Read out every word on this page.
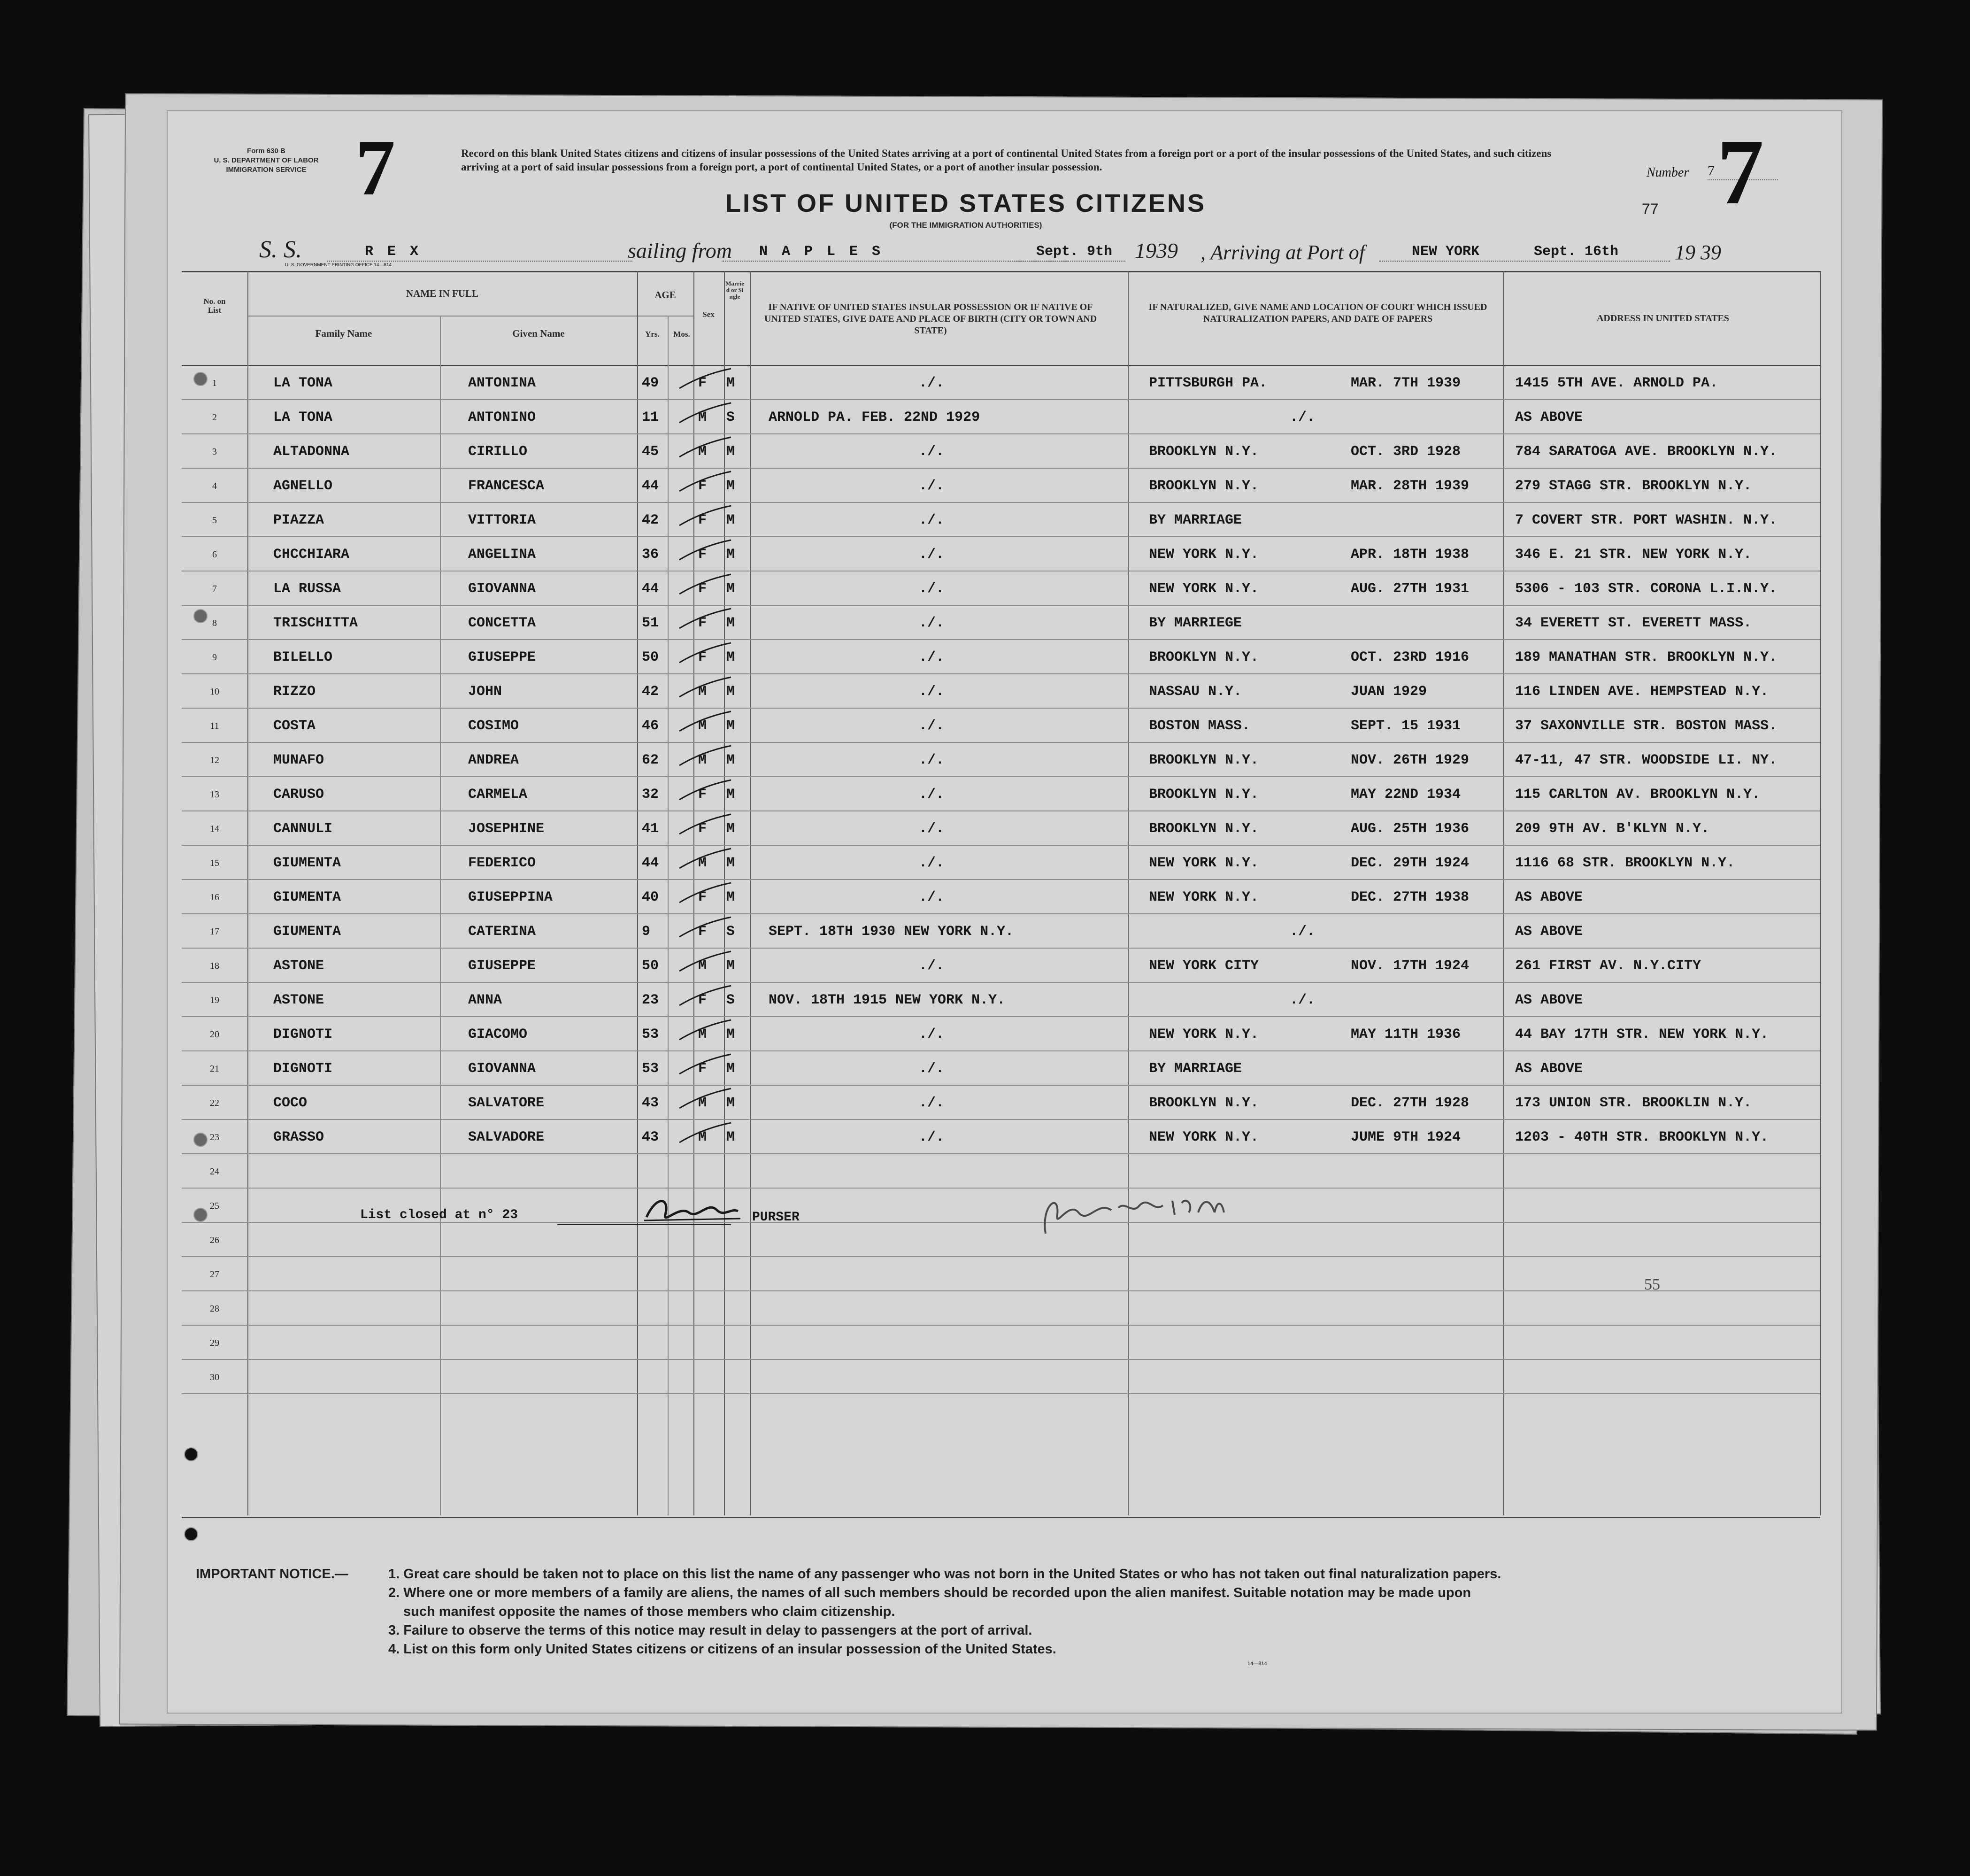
Form 630 B
U. S. DEPARTMENT OF LABOR
IMMIGRATION SERVICE 7	Record on this blank United States citizens and citizens of insular possessions of the United States arriving at a port of continental United States from a foreign port or a port of the insular possessions of the United States, and such citizens arriving at a port of said insular possessions from a foreign port, a port of continental United States, or a port of another insular possession.	Number 7 7
77
LIST OF UNITED STATES CITIZENS
(FOR THE IMMIGRATION AUTHORITIES)
S. S.	R E X	sailing from N A P L E S	Sept. 9th 1939 , Arriving at Port of	NEW YORK	Sept. 16th	19 39
U. S. GOVERNMENT PRINTING OFFICE 14—814
No. on List
NAME IN FULL
Family Name	Given Name
AGE
Yrs.	Mos.
Sex
Married or Single
IF NATIVE OF UNITED STATES INSULAR POSSESSION OR IF NATIVE OF UNITED STATES, GIVE DATE AND PLACE OF BIRTH (CITY OR TOWN AND STATE)
IF NATURALIZED, GIVE NAME AND LOCATION OF COURT WHICH ISSUED NATURALIZATION PAPERS, AND DATE OF PAPERS	ADDRESS IN UNITED STATES
1	LA TONA	ANTONINA	49	F M	./.	PITTSBURGH PA.	MAR. 7TH 1939	1415 5TH AVE. ARNOLD PA.
2	LA TONA	ANTONINO	11	M S ARNOLD PA. FEB. 22ND 1929	./.	AS ABOVE
3	ALTADONNA	CIRILLO	45	M M	./.	BROOKLYN N.Y.	OCT. 3RD 1928	784 SARATOGA AVE. BROOKLYN N.Y.
4	AGNELLO	FRANCESCA	44	F M	./.	BROOKLYN N.Y.	MAR. 28TH 1939	279 STAGG STR. BROOKLYN N.Y.
5	PIAZZA	VITTORIA	42	F M	./.	BY MARRIAGE	7 COVERT STR. PORT WASHIN. N.Y.
6	CHCCHIARA	ANGELINA	36	F M	./.	NEW YORK N.Y.	APR. 18TH 1938	346 E. 21 STR. NEW YORK N.Y.
7	LA RUSSA	GIOVANNA	44	F M	./.	NEW YORK N.Y.	AUG. 27TH 1931	5306 - 103 STR. CORONA L.I.N.Y.
8	TRISCHITTA	CONCETTA	51	F M	./.	BY MARRIEGE	34 EVERETT ST. EVERETT MASS.
9	BILELLO	GIUSEPPE	50	F M	./.	BROOKLYN N.Y.	OCT. 23RD 1916	189 MANATHAN STR. BROOKLYN N.Y.
10	RIZZO	JOHN	42	M M	./.	NASSAU N.Y.	JUAN 1929	116 LINDEN AVE. HEMPSTEAD N.Y.
11	COSTA	COSIMO	46	M M	./.	BOSTON MASS.	SEPT. 15 1931	37 SAXONVILLE STR. BOSTON MASS.
12	MUNAFO	ANDREA	62	M M	./.	BROOKLYN N.Y.	NOV. 26TH 1929	47-11, 47 STR. WOODSIDE LI. NY.
13	CARUSO	CARMELA	32	F M	./.	BROOKLYN N.Y.	MAY 22ND 1934	115 CARLTON AV. BROOKLYN N.Y.
14	CANNULI	JOSEPHINE	41	F M	./.	BROOKLYN N.Y.	AUG. 25TH 1936	209 9TH AV. B'KLYN N.Y.
15	GIUMENTA	FEDERICO	44	M M	./.	NEW YORK N.Y.	DEC. 29TH 1924	1116 68 STR. BROOKLYN N.Y.
16	GIUMENTA	GIUSEPPINA	40	F M	./.	NEW YORK N.Y.	DEC. 27TH 1938	AS ABOVE
17	GIUMENTA	CATERINA	9	F S SEPT. 18TH 1930 NEW YORK N.Y.	./.	AS ABOVE
18	ASTONE	GIUSEPPE	50	M M	./.	NEW YORK CITY	NOV. 17TH 1924	261 FIRST AV. N.Y.CITY
19	ASTONE	ANNA	23	F S NOV. 18TH 1915 NEW YORK N.Y.	./.	AS ABOVE
20	DIGNOTI	GIACOMO	53	M M	./.	NEW YORK N.Y.	MAY 11TH 1936	44 BAY 17TH STR. NEW YORK N.Y.
21	DIGNOTI	GIOVANNA	53	F M	./.	BY MARRIAGE	AS ABOVE
22	COCO	SALVATORE	43	M M	./.	BROOKLYN N.Y.	DEC. 27TH 1928	173 UNION STR. BROOKLIN N.Y.
23	GRASSO	SALVADORE	43	M M	./.	NEW YORK N.Y.	JUME 9TH 1924	1203 - 40TH STR. BROOKLYN N.Y.
24
25
26
27
28
29
30
List closed at n° 23	PURSER
55
IMPORTANT NOTICE.—	1. Great care should be taken not to place on this list the name of any passenger who was not born in the United States or who has not taken out final naturalization papers.
2. Where one or more members of a family are aliens, the names of all such members should be recorded upon the alien manifest. Suitable notation may be made upon
such manifest opposite the names of those members who claim citizenship.
3. Failure to observe the terms of this notice may result in delay to passengers at the port of arrival.
4. List on this form only United States citizens or citizens of an insular possession of the United States.
14—814
